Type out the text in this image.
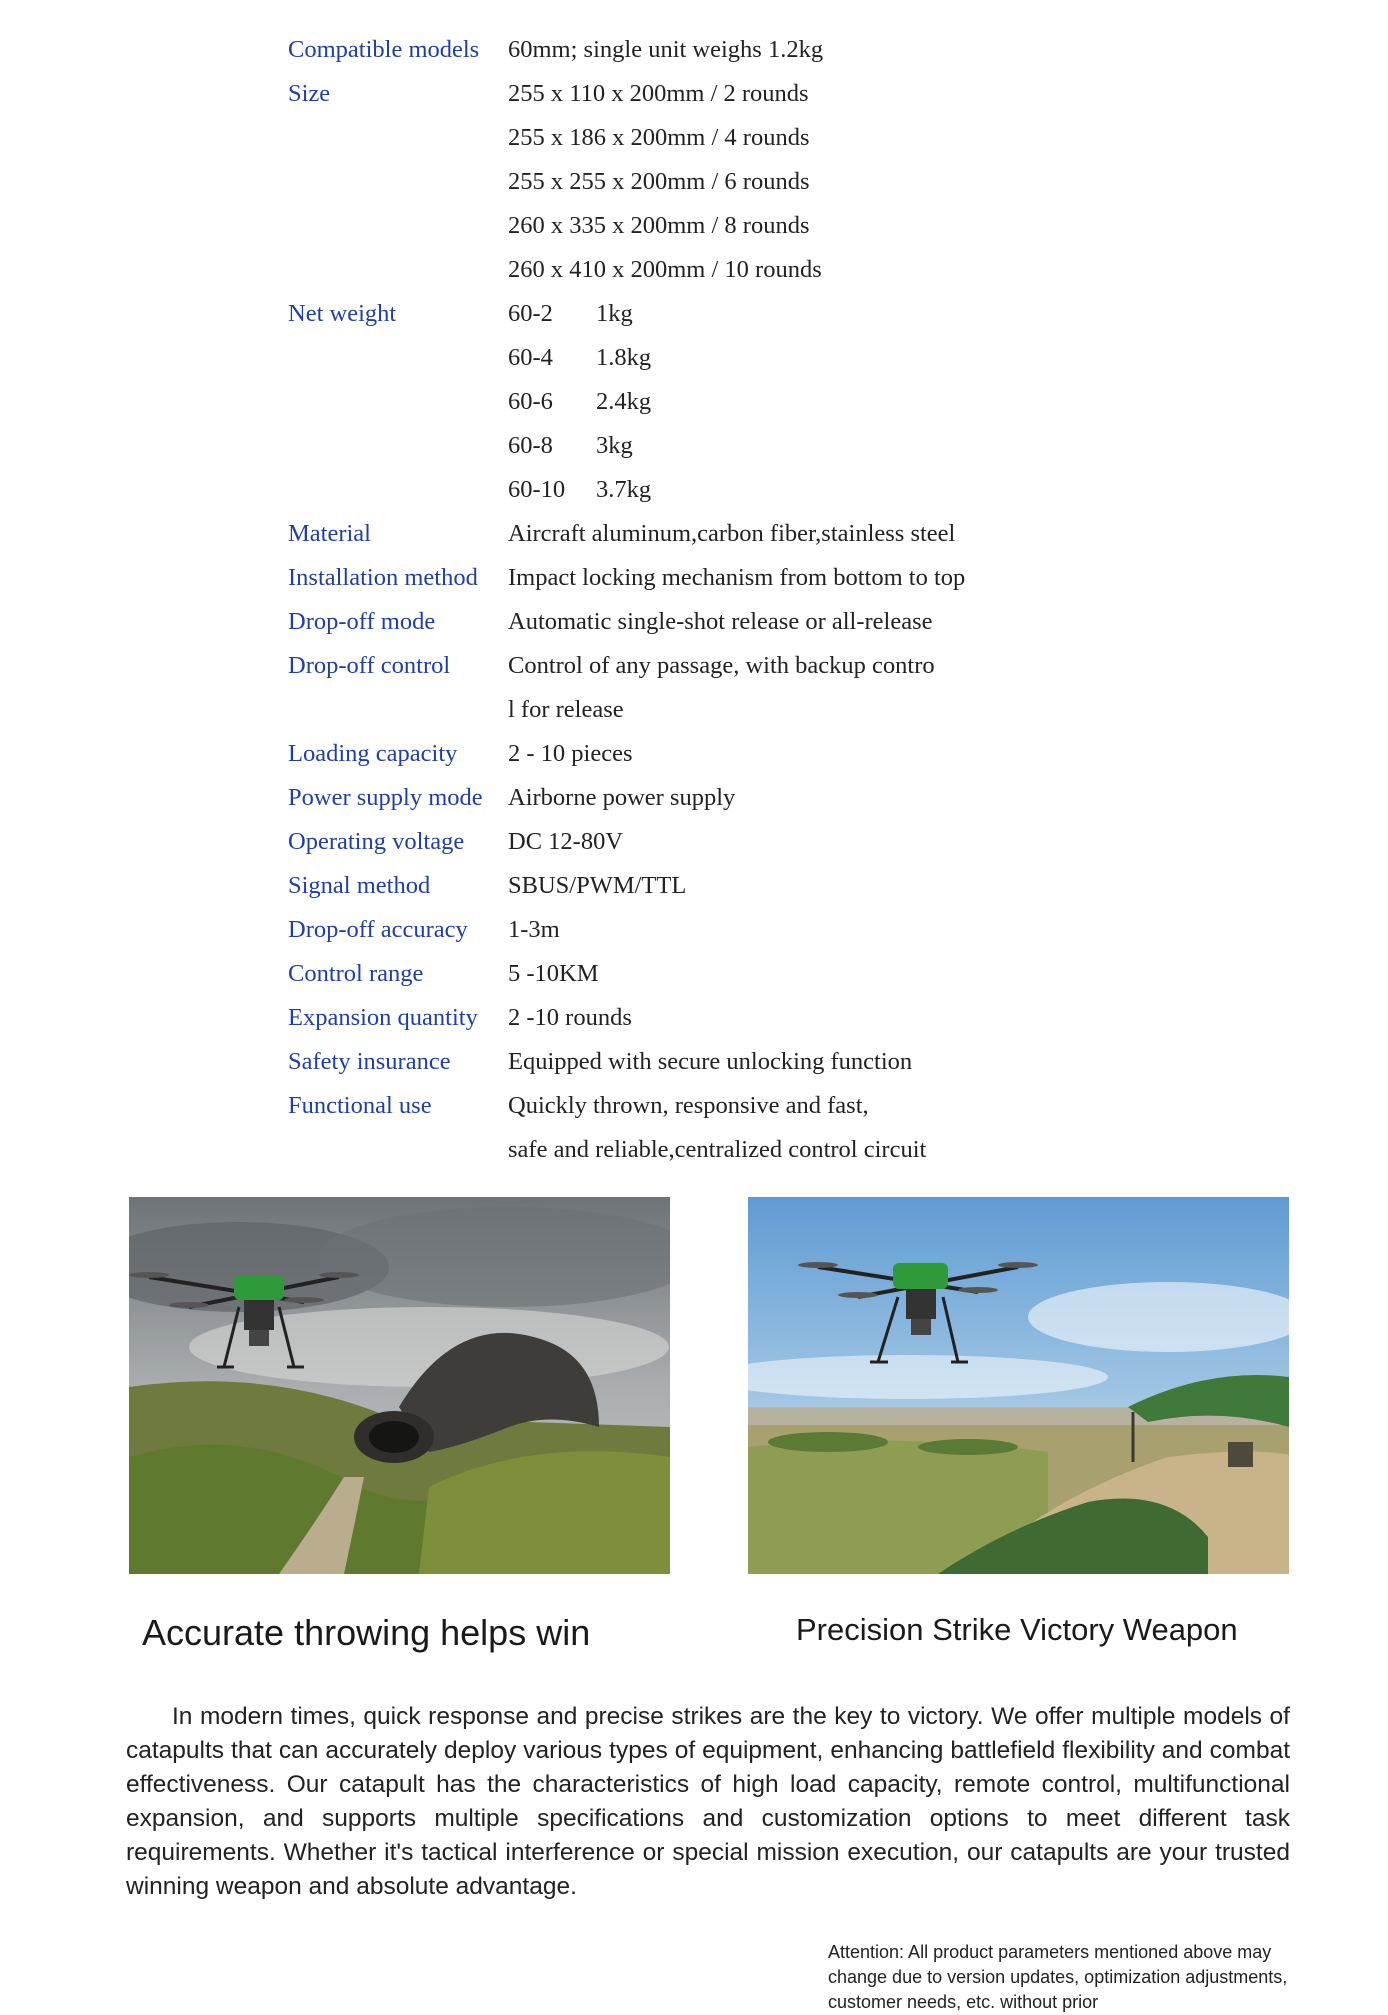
Compatible models	60mm; single unit weighs 1.2kg
Size	255 x 110 x 200mm / 2 rounds
255 x 186 x 200mm / 4 rounds
255 x 255 x 200mm / 6 rounds
260 x 335 x 200mm / 8 rounds
260 x 410 x 200mm / 10 rounds
Net weight	60-2 1kg
60-4 1.8kg
60-6 2.4kg
60-8 3kg
60-10 3.7kg
Material	Aircraft aluminum,carbon fiber,stainless steel
Installation method	Impact locking mechanism from bottom to top
Drop-off mode	Automatic single-shot release or all-release
Drop-off control	Control of any passage, with backup contro
l for release
Loading capacity	2 - 10 pieces
Power supply mode	Airborne power supply
Operating voltage	DC 12-80V
Signal method	SBUS/PWM/TTL
Drop-off accuracy	1-3m
Control range	5 -10KM
Expansion quantity	2 -10 rounds
Safety insurance	Equipped with secure unlocking function
Functional use	Quickly thrown, responsive and fast,
safe and reliable,centralized control circuit
Accurate throwing helps win	Precision Strike Victory Weapon

In modern times, quick response and precise strikes are the key to victory. We offer multiple models of catapults that can accurately deploy various types of equipment, enhancing battlefield flexibility and combat effectiveness. Our catapult has the characteristics of high load capacity, remote control, multifunctional expansion, and supports multiple specifications and customization options to meet different task requirements. Whether it's tactical interference or special mission execution, our catapults are your trusted winning weapon and absolute advantage.

Attention: All product parameters mentioned above may change due to version updates, optimization adjustments, customer needs, etc. without prior
